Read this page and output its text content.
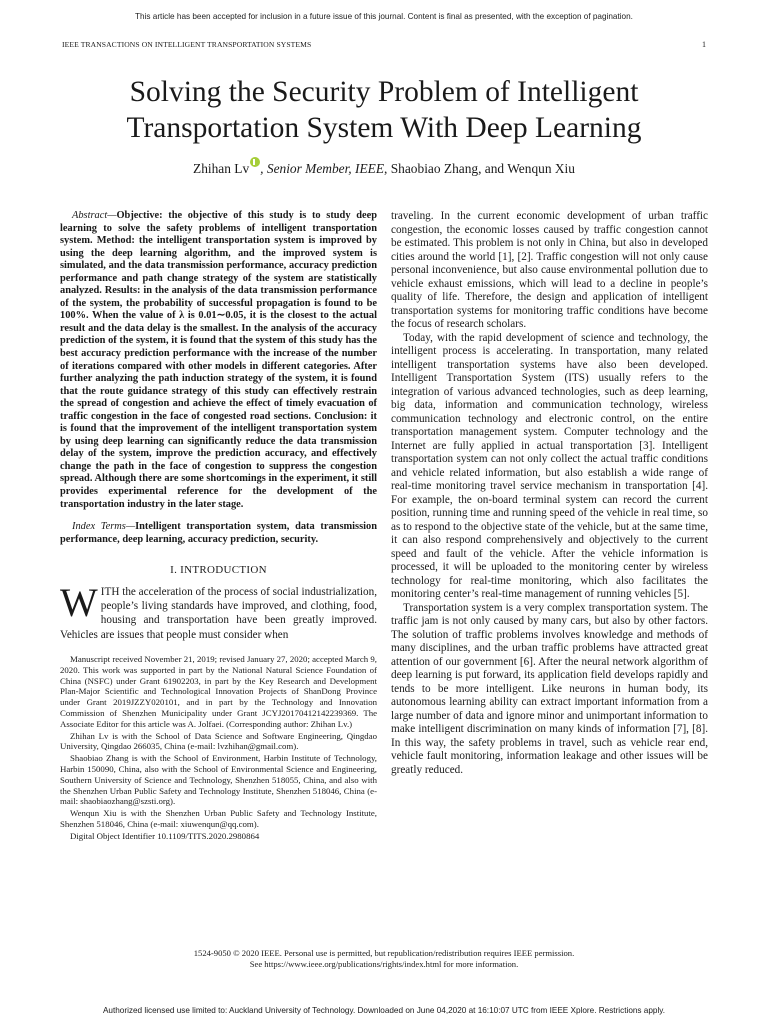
This article has been accepted for inclusion in a future issue of this journal. Content is final as presented, with the exception of pagination.
IEEE TRANSACTIONS ON INTELLIGENT TRANSPORTATION SYSTEMS	1
Solving the Security Problem of Intelligent
Transportation System With Deep Learning
Zhihan Lv , Senior Member, IEEE, Shaobiao Zhang, and Wenqun Xiu

Abstract—Objective: the objective of this study is to study deep learning to solve the safety problems of intelligent transportation system. Method: the intelligent transportation system is improved by using the deep learning algorithm, and the improved system is simulated, and the data transmission performance, accuracy prediction performance and path change strategy of the system are statistically analyzed. Results: in the analysis of the data transmission performance of the system, the probability of successful propagation is found to be 100%. When the value of λ is 0.01∼0.05, it is the closest to the actual result and the data delay is the smallest. In the analysis of the accuracy prediction of the system, it is found that the system of this study has the best accuracy prediction performance with the increase of the number of iterations compared with other models in different categories. After further analyzing the path induction strategy of the system, it is found that the route guidance strategy of this study can effectively restrain the spread of congestion and achieve the effect of timely evacuation of traffic congestion in the face of congested road sections. Conclusion: it is found that the improvement of the intelligent transportation system by using deep learning can significantly reduce the data transmission delay of the system, improve the prediction accuracy, and effectively change the path in the face of congestion to suppress the congestion spread. Although there are some shortcomings in the experiment, it still provides experimental reference for the development of the transportation industry in the later stage.

Index Terms—Intelligent transportation system, data transmission performance, deep learning, accuracy prediction, security.

I. INTRODUCTION

WITH the acceleration of the process of social industrialization, people’s living standards have improved, and clothing, food, housing and transportation have been greatly improved. Vehicles are issues that people must consider when

Manuscript received November 21, 2019; revised January 27, 2020; accepted March 9, 2020. This work was supported in part by the National Natural Science Foundation of China (NSFC) under Grant 61902203, in part by the Key Research and Development Plan-Major Scientific and Technological Innovation Projects of ShanDong Province under Grant 2019JZZY020101, and in part by the Technology and Innovation Commission of Shenzhen Municipality under Grant JCYJ20170412142239369. The Associate Editor for this article was A. Jolfaei. (Corresponding author: Zhihan Lv.)

Zhihan Lv is with the School of Data Science and Software Engineering, Qingdao University, Qingdao 266035, China (e-mail: lvzhihan@gmail.com).

Shaobiao Zhang is with the School of Environment, Harbin Institute of Technology, Harbin 150090, China, also with the School of Environmental Science and Engineering, Southern University of Science and Technology, Shenzhen 518055, China, and also with the Shenzhen Urban Public Safety and Technology Institute, Shenzhen 518046, China (e-mail: shaobiaozhang@szsti.org).

Wenqun Xiu is with the Shenzhen Urban Public Safety and Technology Institute, Shenzhen 518046, China (e-mail: xiuwenqun@qq.com).

Digital Object Identifier 10.1109/TITS.2020.2980864

traveling. In the current economic development of urban traffic congestion, the economic losses caused by traffic congestion cannot be estimated. This problem is not only in China, but also in developed cities around the world [1], [2]. Traffic congestion will not only cause personal inconvenience, but also cause environmental pollution due to vehicle exhaust emissions, which will lead to a decline in people’s quality of life. Therefore, the design and application of intelligent transportation systems for monitoring traffic conditions have become the focus of research scholars.

Today, with the rapid development of science and technology, the intelligent process is accelerating. In transportation, many related intelligent transportation systems have also been developed. Intelligent Transportation System (ITS) usually refers to the integration of various advanced technologies, such as deep learning, big data, information and communication technology, wireless communication technology and electronic control, on the entire transportation management system. Computer technology and the Internet are fully applied in actual transportation [3]. Intelligent transportation system can not only collect the actual traffic conditions and vehicle related information, but also establish a wide range of real-time monitoring travel service mechanism in transportation [4]. For example, the on-board terminal system can record the current position, running time and running speed of the vehicle in real time, so as to respond to the objective state of the vehicle, but at the same time, it can also respond comprehensively and objectively to the current speed and fault of the vehicle. After the vehicle information is processed, it will be uploaded to the monitoring center by wireless technology for real-time monitoring, which also facilitates the monitoring center’s real-time management of running vehicles [5].

Transportation system is a very complex transportation system. The traffic jam is not only caused by many cars, but also by other factors. The solution of traffic problems involves knowledge and methods of many disciplines, and the urban traffic problems have attracted great attention of our government [6]. After the neural network algorithm of deep learning is put forward, its application field develops rapidly and tends to be more intelligent. Like neurons in human body, its autonomous learning ability can extract important information from a large number of data and ignore minor and unimportant information to make intelligent discrimination on many kinds of information [7], [8]. In this way, the safety problems in travel, such as vehicle rear end, vehicle fault monitoring, information leakage and other issues will be greatly reduced.

1524-9050 © 2020 IEEE. Personal use is permitted, but republication/redistribution requires IEEE permission.
See https://www.ieee.org/publications/rights/index.html for more information.
Authorized licensed use limited to: Auckland University of Technology. Downloaded on June 04,2020 at 16:10:07 UTC from IEEE Xplore. Restrictions apply.
